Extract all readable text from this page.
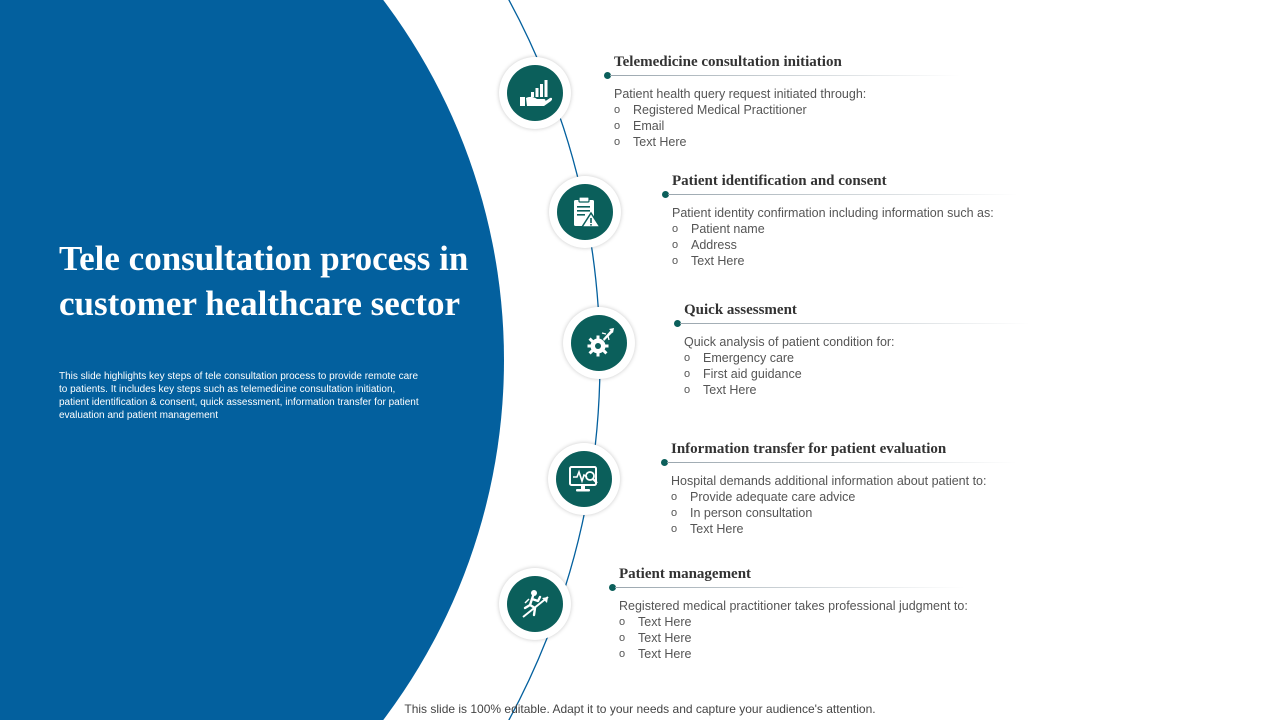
Tele consultation process in customer healthcare sector

This slide highlights key steps of tele consultation process to provide remote care to patients. It includes key steps such as telemedicine consultation initiation, patient identification & consent, quick assessment, information transfer for patient evaluation and patient management

Telemedicine consultation initiation

Patient health query request initiated through:

o Registered Medical Practitioner
o Email
o Text Here

Patient identification and consent

Patient identity confirmation including information such as:

o Patient name
o Address
o Text Here

Quick assessment

Quick analysis of patient condition for:

o Emergency care
o First aid guidance
o Text Here

Information transfer for patient evaluation

Hospital demands additional information about patient to:

o Provide adequate care advice
o In person consultation
o Text Here

Patient management

Registered medical practitioner takes professional judgment to:

o Text Here
o Text Here
o Text Here

This slide is 100% editable. Adapt it to your needs and capture your audience's attention.
